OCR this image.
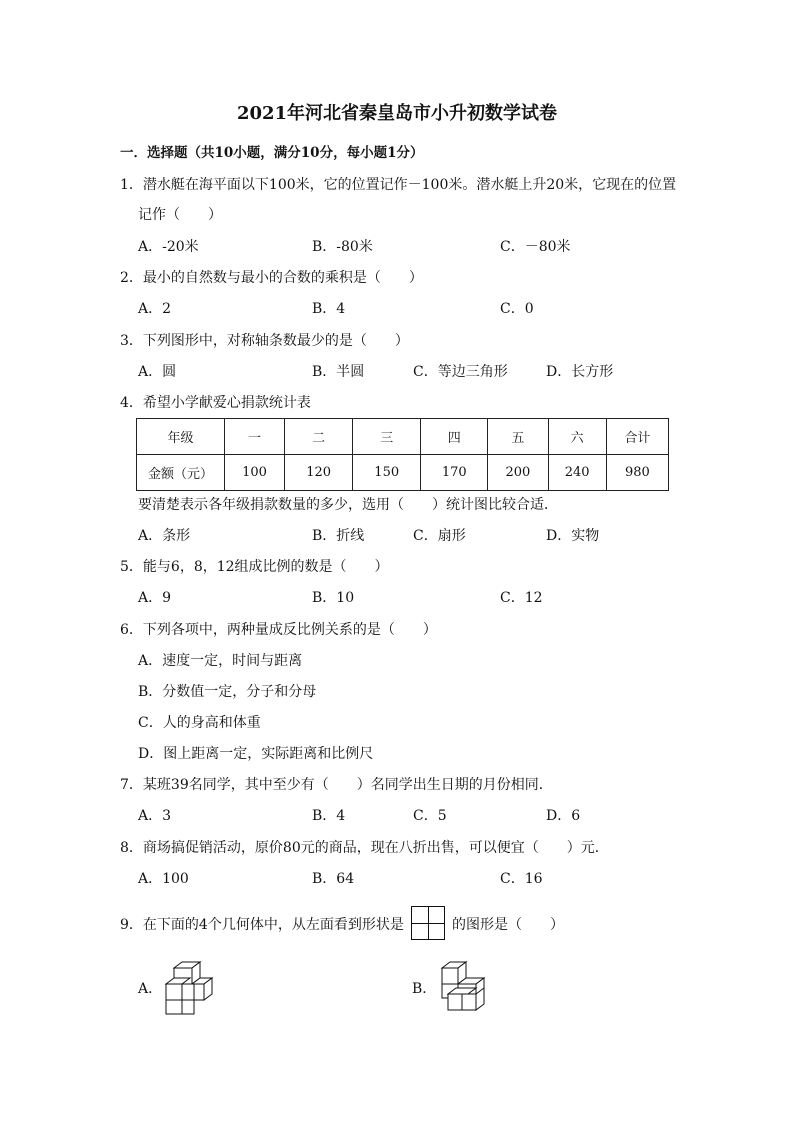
2021年河北省秦皇岛市小升初数学试卷
一．选择题（共10小题，满分10分，每小题1分）
1．潜水艇在海平面以下100米，它的位置记作－100米。潜水艇上升20米，它现在的位置
记作（　　）
A．-20米	B．-80米	C．－80米
2．最小的自然数与最小的合数的乘积是（　　）
A．2	B．4	C．0
3．下列图形中，对称轴条数最少的是（　　）
A．圆	B．半圆	C．等边三角形	D．长方形
4．希望小学献爱心捐款统计表
年级	一	二	三	四	五	六	合计
金额（元）	100	120	150	170	200	240	980
要清楚表示各年级捐款数量的多少，选用（　　）统计图比较合适．
A．条形	B．折线	C．扇形	D．实物
5．能与6，8，12组成比例的数是（　　）
A．9	B．10	C．12
6．下列各项中，两种量成反比例关系的是（　　）
A．速度一定，时间与距离
B．分数值一定，分子和分母
C．人的身高和体重
D．图上距离一定，实际距离和比例尺
7．某班39名同学，其中至少有（　　）名同学出生日期的月份相同．
A．3	B．4	C．5	D．6
8．商场搞促销活动，原价80元的商品，现在八折出售，可以便宜（　　）元．
A．100	B．64	C．16
9．在下面的4个几何体中，从左面看到形状是	的图形是（　　）
A．	B．
